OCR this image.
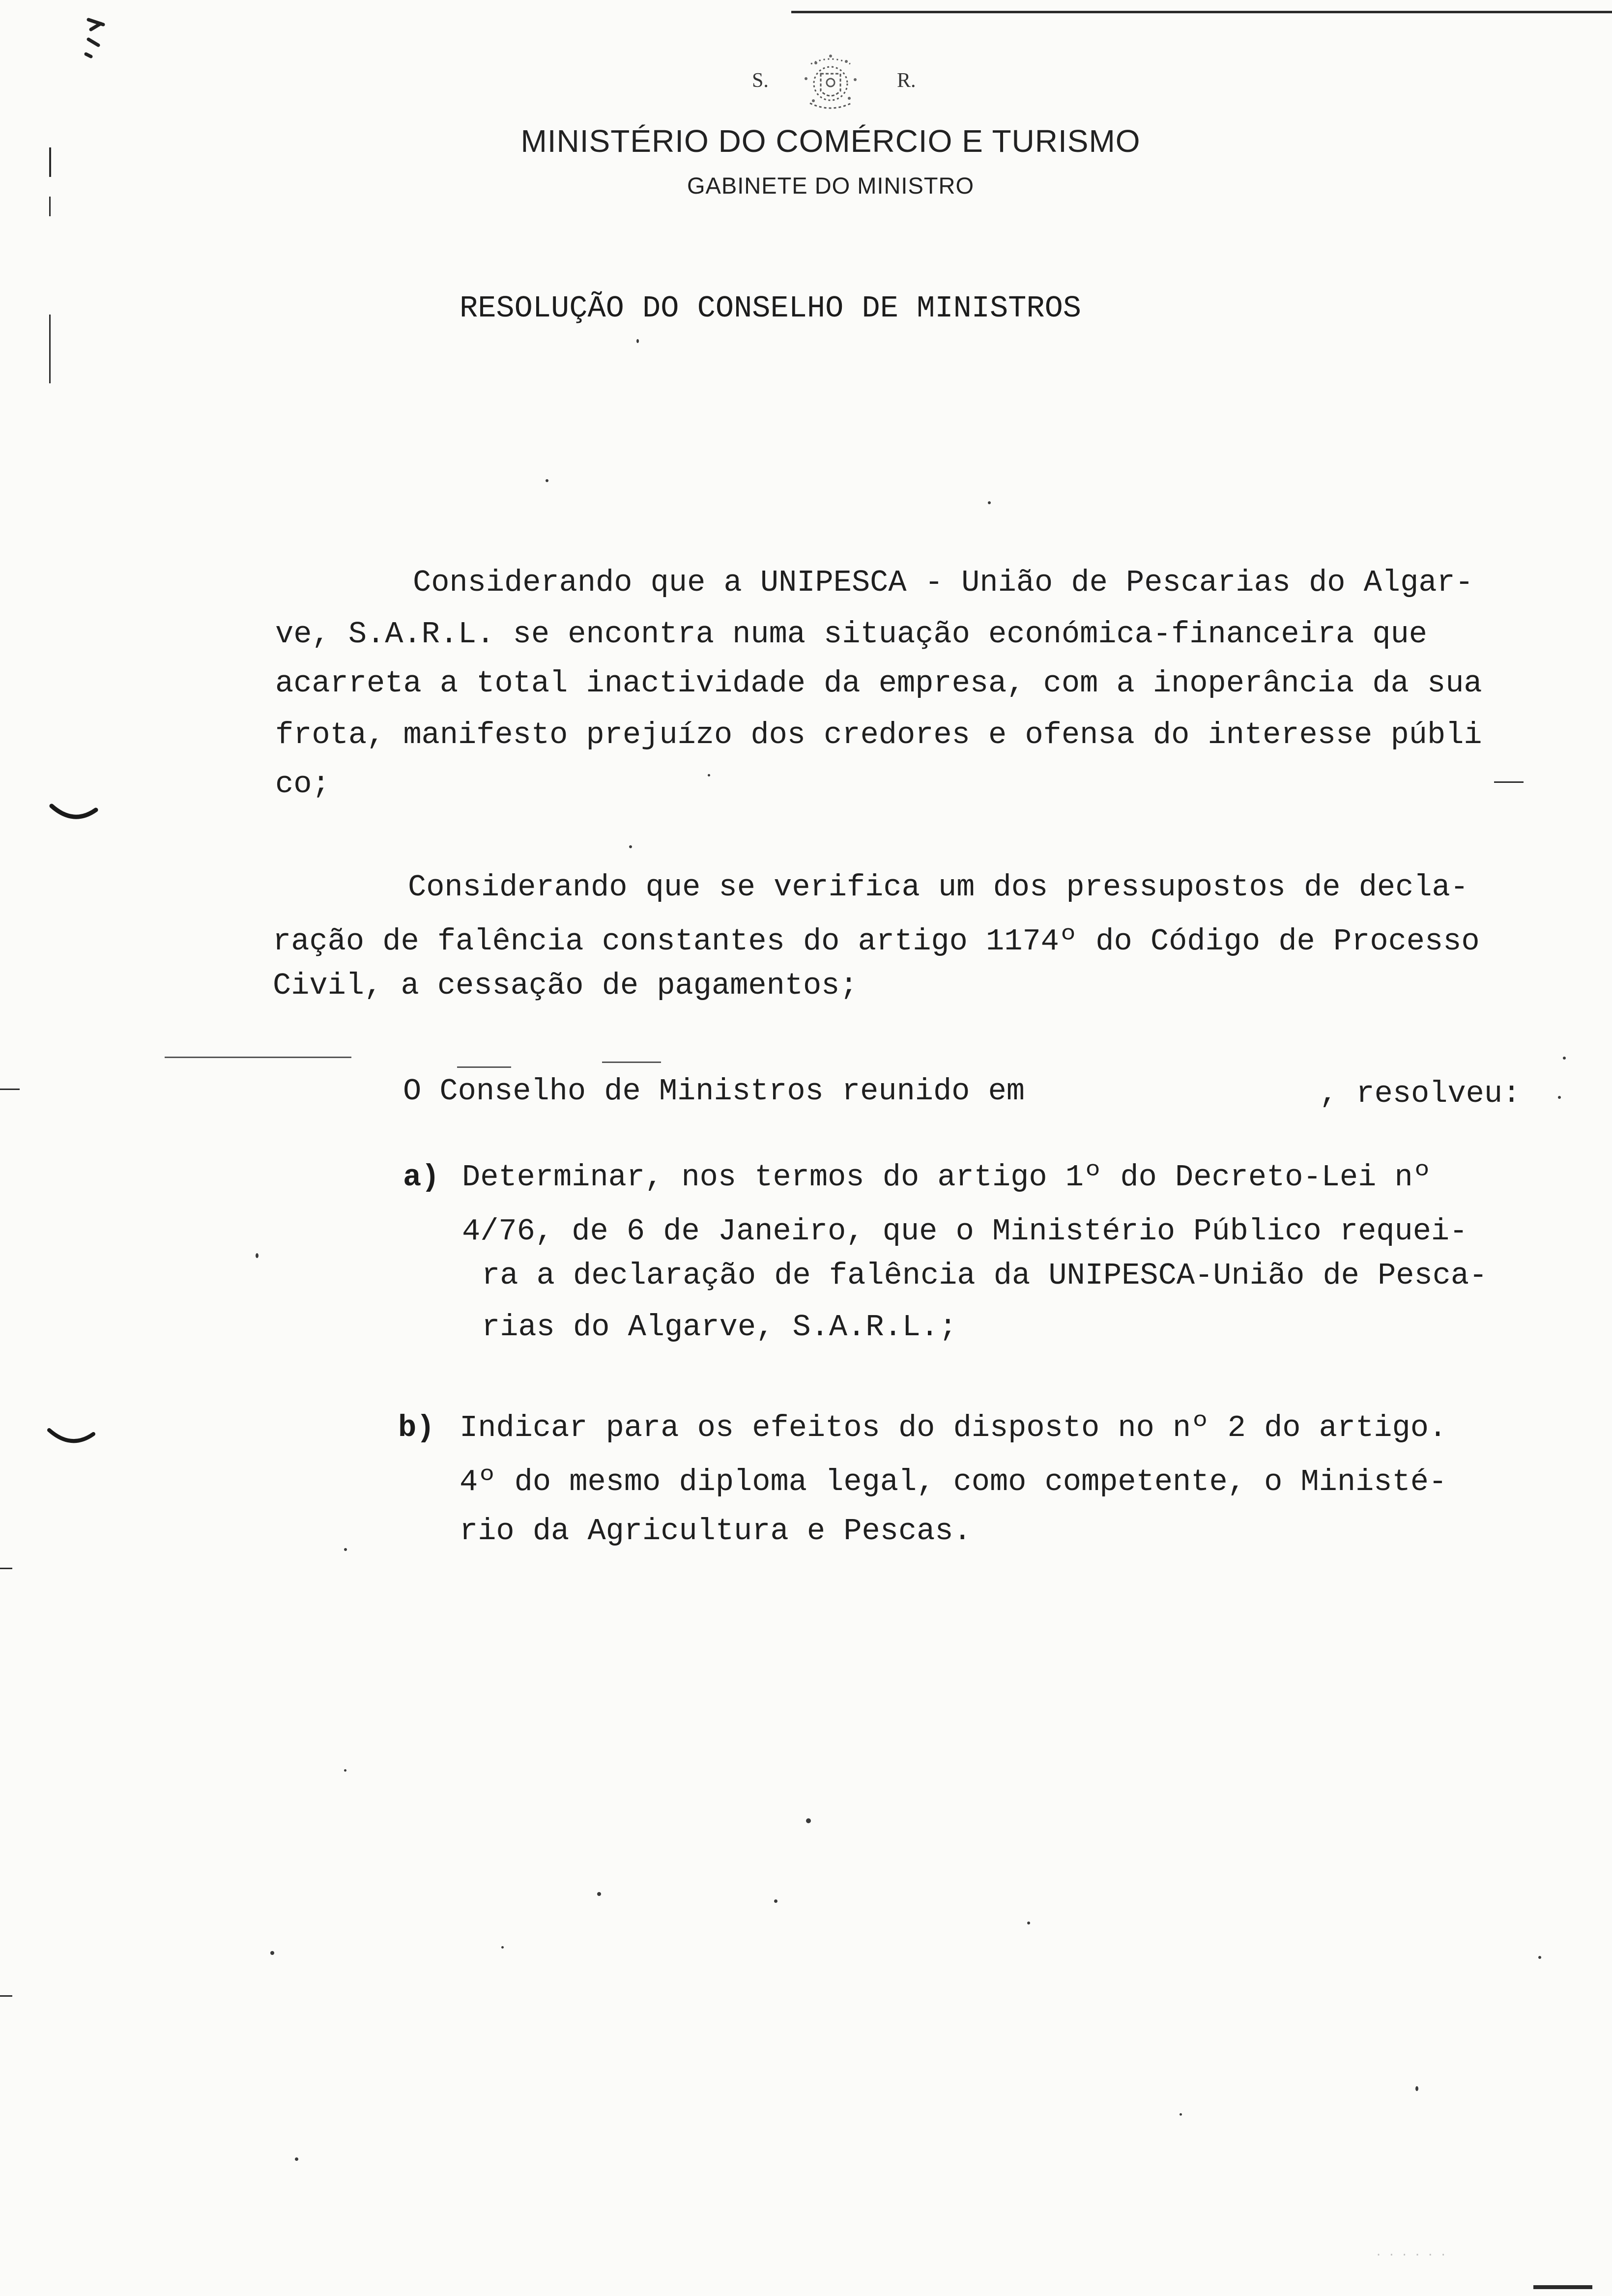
S.	R.
MINISTÉRIO DO COMÉRCIO E TURISMO
GABINETE DO MINISTRO
RESOLUÇÃO DO CONSELHO DE MINISTROS
Considerando que a UNIPESCA - União de Pescarias do Algar-
ve, S.A.R.L. se encontra numa situação económica-financeira que
acarreta a total inactividade da empresa, com a inoperância da sua
frota, manifesto prejuízo dos credores e ofensa do interesse públi
co;
Considerando que se verifica um dos pressupostos de decla-
ração de falência constantes do artigo 1174º do Código de Processo
Civil, a cessação de pagamentos;
O Conselho de Ministros reunido em	, resolveu:
a) Determinar, nos termos do artigo 1º do Decreto-Lei nº
4/76, de 6 de Janeiro, que o Ministério Público requei-
ra a declaração de falência da UNIPESCA-União de Pesca-
rias do Algarve, S.A.R.L.;
b) Indicar para os efeitos do disposto no nº 2 do artigo.
4º do mesmo diploma legal, como competente, o Ministé-
rio da Agricultura e Pescas.
· · · · · ·
